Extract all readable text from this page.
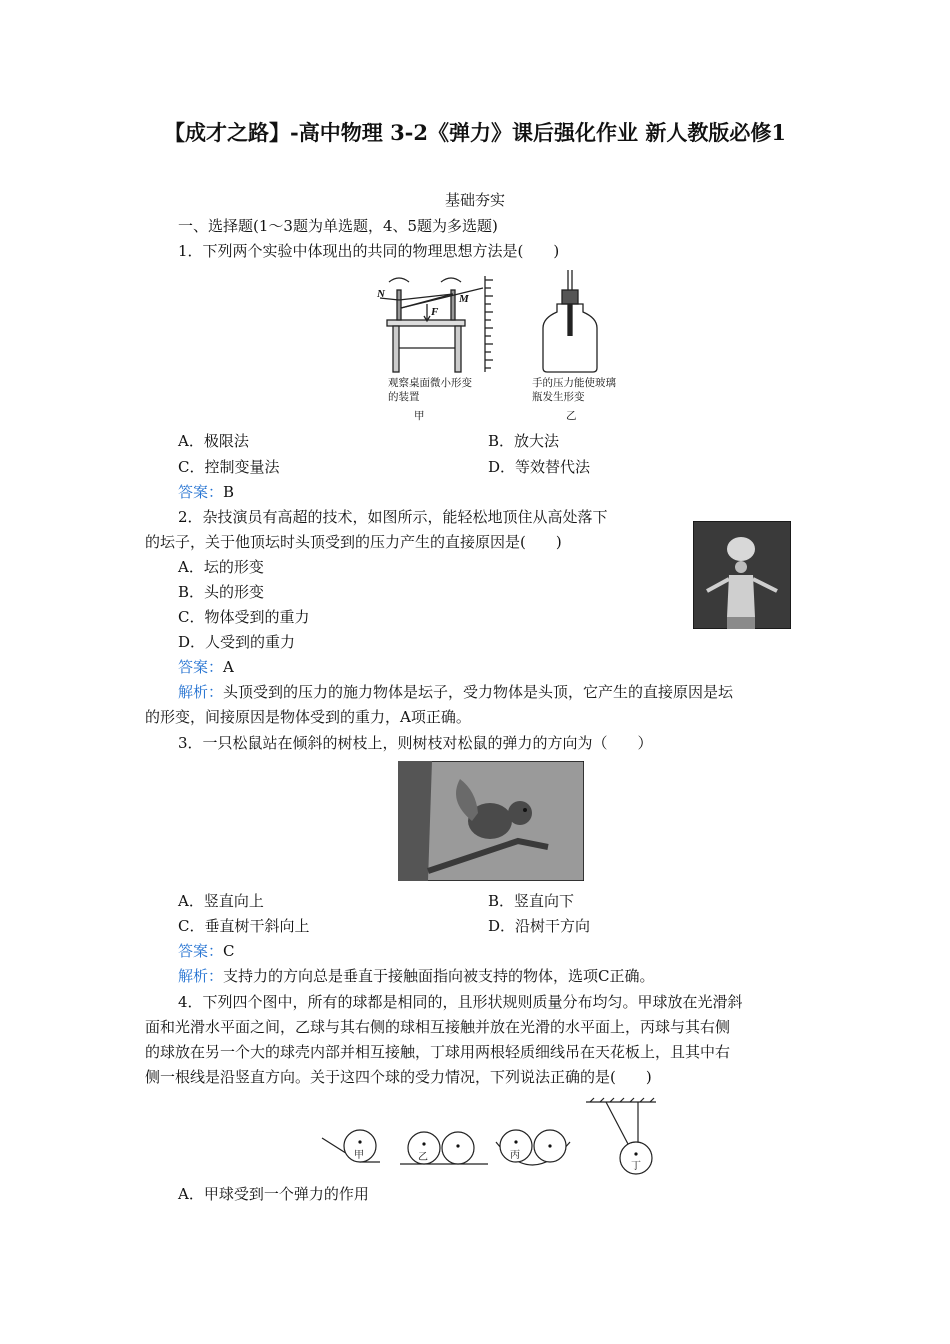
【成才之路】-高中物理 3-2《弹力》课后强化作业 新人教版必修1
基础夯实
一、选择题(1～3题为单选题，4、5题为多选题)
1．下列两个实验中体现出的共同的物理思想方法是(　　)
N	M
F
观察桌面微小形变的装置
甲
手的压力能使玻璃瓶发生形变
乙
A．极限法	B．放大法
C．控制变量法	D．等效替代法
答案：B
2．杂技演员有高超的技术，如图所示，能轻松地顶住从高处落下
的坛子，关于他顶坛时头顶受到的压力产生的直接原因是(　　)
A．坛的形变
B．头的形变
C．物体受到的重力
D．人受到的重力
答案：A
解析：头顶受到的压力的施力物体是坛子，受力物体是头顶，它产生的直接原因是坛
的形变，间接原因是物体受到的重力，A项正确。
3．一只松鼠站在倾斜的树枝上，则树枝对松鼠的弹力的方向为（　　）
A．竖直向上	B．竖直向下
C．垂直树干斜向上	D．沿树干方向
答案：C
解析：支持力的方向总是垂直于接触面指向被支持的物体，选项C正确。
4．下列四个图中，所有的球都是相同的，且形状规则质量分布均匀。甲球放在光滑斜
面和光滑水平面之间，乙球与其右侧的球相互接触并放在光滑的水平面上，丙球与其右侧
的球放在另一个大的球壳内部并相互接触，丁球用两根轻质细线吊在天花板上，且其中右
侧一根线是沿竖直方向。关于这四个球的受力情况，下列说法正确的是(　　)
甲	乙	丙
丁
A．甲球受到一个弹力的作用
